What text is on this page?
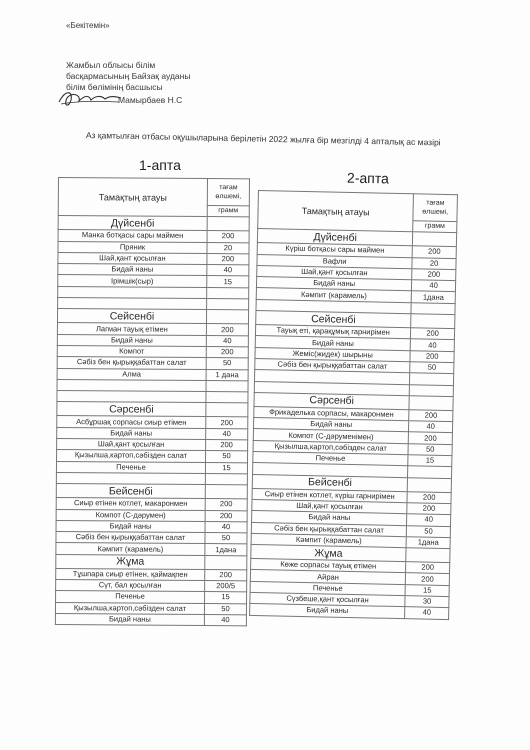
«Бекітемін»
Жамбыл облысы білім
басқармасының Байзақ ауданы
білім бөлімінің басшысы
Мамырбаев Н.С
Аз қамтылған отбасы оқушыларына берілетін 2022 жылға бір мезгілді 4 апталық ас мәзірі
1-апта
2-апта
Тамақтың атауы	тағам өлшемі,
	грамм
Дүйсенбі	
Манка ботқасы сары маймен	200
Пряник	20
Шай,қант қосылған	200
Бидай наны	40
Ірімшік(сыр)	15

Сейсенбі	
Лагман тауық етімен	200
Бидай наны	40
Компот	200
Сәбіз бен қырыққабаттан салат	50
Алма	1 дана

Сәрсенбі	
Асбұршақ сорпасы сиыр етімен	200
Бидай наны	40
Шай,қант қосылған	200
Қызылша,картоп,сәбізден салат	50
Печенье	15

Бейсенбі	
Сиыр етінен котлет, макаронмен	200
Компот (С-дәрумен)	200
Бидай наны	40
Сәбіз бен қырыққабаттан салат	50
Кәмпит (карамель)	1дана
Жұма	
Тұшпара сиыр етінен, қаймақпен	200
Сүт, бал қосылған	200/5
Печенье	15
Қызылша,картоп,сәбізден салат	50
Бидай наны	40
Тамақтың атауы	тағам өлшемі,
	грамм
Дүйсенбі	
Күріш ботқасы сары маймен	200
Вафли	20
Шай,қант қосылған	200
Бидай наны	40
Кәмпит (карамель)	1дана

Сейсенбі	
Тауық еті, қарақұмық гарнирімен	200
Бидай наны	40
Жеміс(жидек) шырыны	200
Сәбіз бен қырыққабаттан салат	50

Сәрсенбі	
Фрикаделька сорпасы, макаронмен	200
Бидай наны	40
Компот (С-дәруменімен)	200
Қызылша,картоп,сәбізден салат	50
Печенье	15

Бейсенбі	
Сиыр етінен котлет, күріш гарнирімен	200
Шай,қант қосылған	200
Бидай наны	40
Сәбіз бен қырыққабаттан салат	50
Кәмпит (карамель)	1дана
Жұма	
Көже сорпасы тауық етімен	200
Айран	200
Печенье	15
Сүзбеше,қант қосылған	30
Бидай наны	40
